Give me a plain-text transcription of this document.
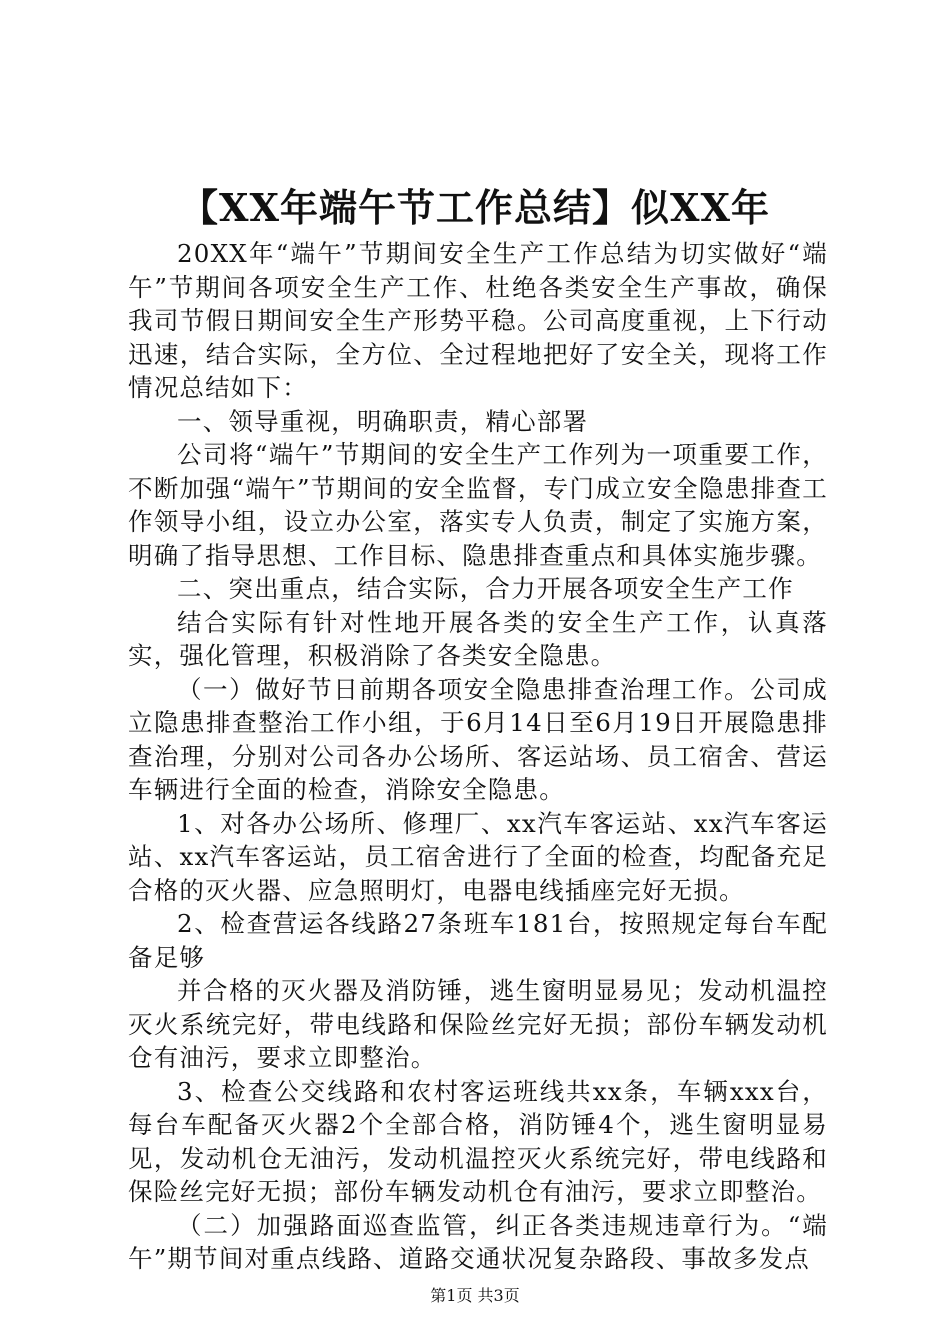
【XX年端午节工作总结】似XX年

20XX年“端午”节期间安全生产工作总结为切实做好“端午”节期间各项安全生产工作、杜绝各类安全生产事故，确保我司节假日期间安全生产形势平稳。公司高度重视，上下行动迅速，结合实际，全方位、全过程地把好了安全关，现将工作情况总结如下：

一、领导重视，明确职责，精心部署

公司将“端午”节期间的安全生产工作列为一项重要工作，不断加强“端午”节期间的安全监督，专门成立安全隐患排查工作领导小组，设立办公室，落实专人负责，制定了实施方案，明确了指导思想、工作目标、隐患排查重点和具体实施步骤。

二、突出重点，结合实际，合力开展各项安全生产工作

结合实际有针对性地开展各类的安全生产工作，认真落实，强化管理，积极消除了各类安全隐患。

（一）做好节日前期各项安全隐患排查治理工作。公司成立隐患排查整治工作小组，于6月14日至6月19日开展隐患排查治理，分别对公司各办公场所、客运站场、员工宿舍、营运车辆进行全面的检查，消除安全隐患。

1、对各办公场所、修理厂、xx汽车客运站、xx汽车客运站、xx汽车客运站，员工宿舍进行了全面的检查，均配备充足合格的灭火器、应急照明灯，电器电线插座完好无损。

2、检查营运各线路27条班车181台，按照规定每台车配备足够

并合格的灭火器及消防锤，逃生窗明显易见；发动机温控灭火系统完好，带电线路和保险丝完好无损；部份车辆发动机仓有油污，要求立即整治。

3、检查公交线路和农村客运班线共xx条，车辆xxx台，每台车配备灭火器2个全部合格，消防锤4个，逃生窗明显易见，发动机仓无油污，发动机温控灭火系统完好，带电线路和保险丝完好无损；部份车辆发动机仓有油污，要求立即整治。

（二）加强路面巡查监管，纠正各类违规违章行为。“端午”期节间对重点线路、道路交通状况复杂路段、事故多发点

第1页 共3页
